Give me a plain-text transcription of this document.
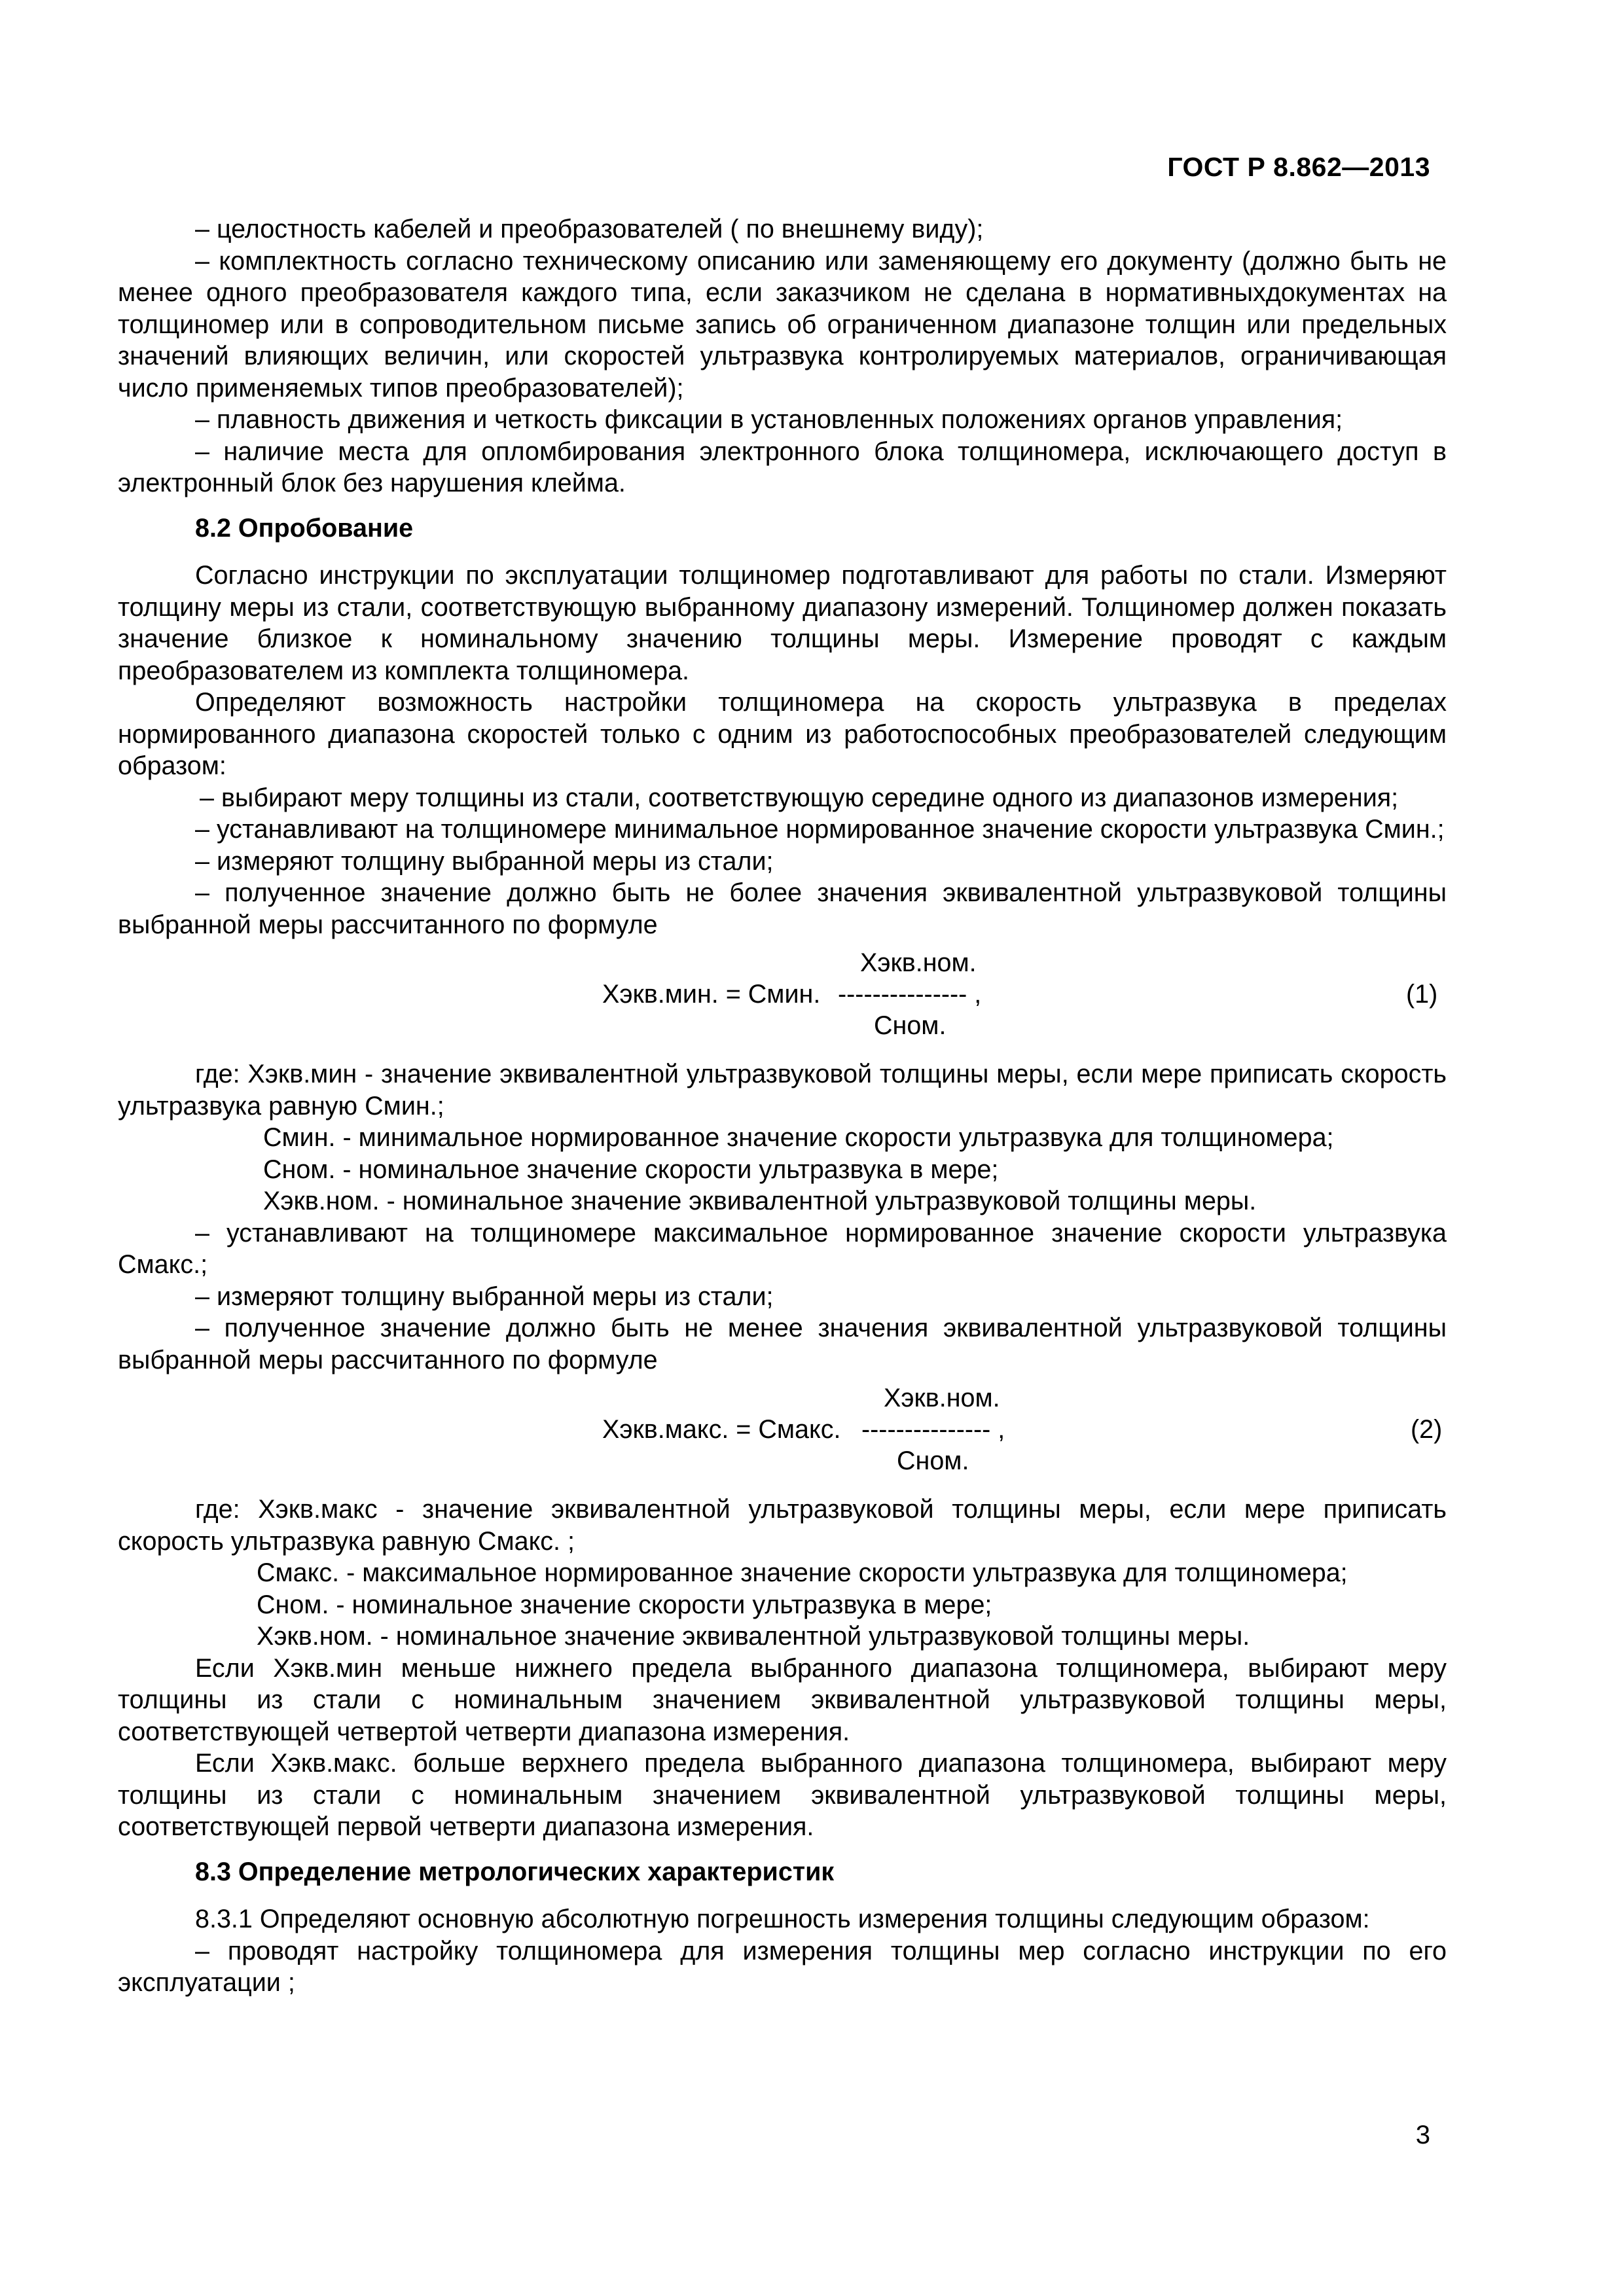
ГОСТ Р 8.862—2013

– целостность кабелей и преобразователей ( по внешнему виду);

– комплектность согласно техническому описанию или заменяющему его документу (должно быть не менее одного преобразователя каждого типа, если заказчиком не сделана в нормативныхдокументах на толщиномер или в сопроводительном письме запись об ограниченном диапазоне толщин или предельных значений влияющих величин, или скоростей ультразвука контролируемых материалов, ограничивающая число применяемых типов преобразователей);

– плавность движения и четкость фиксации в установленных положениях органов управления;

– наличие места для опломбирования электронного блока толщиномера, исключающего доступ в электронный блок без нарушения клейма.

8.2 Опробование

Согласно инструкции по эксплуатации толщиномер подготавливают для работы по стали. Измеряют толщину меры из стали, соответствующую выбранному диапазону измерений. Толщиномер должен показать значение близкое к номинальному значению толщины меры. Измерение проводят с каждым преобразователем из комплекта толщиномера.

Определяют возможность настройки толщиномера на скорость ультразвука в пределах нормированного диапазона скоростей только с одним из работоспособных преобразователей следующим образом:

– выбирают меру толщины из стали, соответствующую середине одного из диапазонов измерения;

– устанавливают на толщиномере минимальное нормированное значение скорости ультразвука Смин.;

– измеряют толщину выбранной меры из стали;

– полученное значение должно быть не более значения эквивалентной ультразвуковой толщины выбранной меры рассчитанного по формуле

Хэкв.ном.
Хэкв.мин. = Смин. --------------- ,
Сном.
(1)

где: Хэкв.мин - значение эквивалентной ультразвуковой толщины меры, если мере приписать скорость ультразвука равную Смин.;

Смин. - минимальное нормированное значение скорости ультразвука для толщиномера;

Сном. - номинальное значение скорости ультразвука в мере;

Хэкв.ном. - номинальное значение эквивалентной ультразвуковой толщины меры.

– устанавливают на толщиномере максимальное нормированное значение скорости ультразвука Смакс.;

– измеряют толщину выбранной меры из стали;

– полученное значение должно быть не менее значения эквивалентной ультразвуковой толщины выбранной меры рассчитанного по формуле

Хэкв.ном.
Хэкв.макс. = Смакс. --------------- ,
Сном.
(2)

где: Хэкв.макс - значение эквивалентной ультразвуковой толщины меры, если мере приписать скорость ультразвука равную Смакс. ;

Смакс. - максимальное нормированное значение скорости ультразвука для толщиномера;

Сном. - номинальное значение скорости ультразвука в мере;

Хэкв.ном. - номинальное значение эквивалентной ультразвуковой толщины меры.

Если Хэкв.мин меньше нижнего предела выбранного диапазона толщиномера, выбирают меру толщины из стали с номинальным значением эквивалентной ультразвуковой толщины меры, соответствующей четвертой четверти диапазона измерения.

Если Хэкв.макс. больше верхнего предела выбранного диапазона толщиномера, выбирают меру толщины из стали с номинальным значением эквивалентной ультразвуковой толщины меры, соответствующей первой четверти диапазона измерения.

8.3 Определение метрологических характеристик

8.3.1 Определяют основную абсолютную погрешность измерения толщины следующим образом:

– проводят настройку толщиномера для измерения толщины мер согласно инструкции по его эксплуатации ;

3
